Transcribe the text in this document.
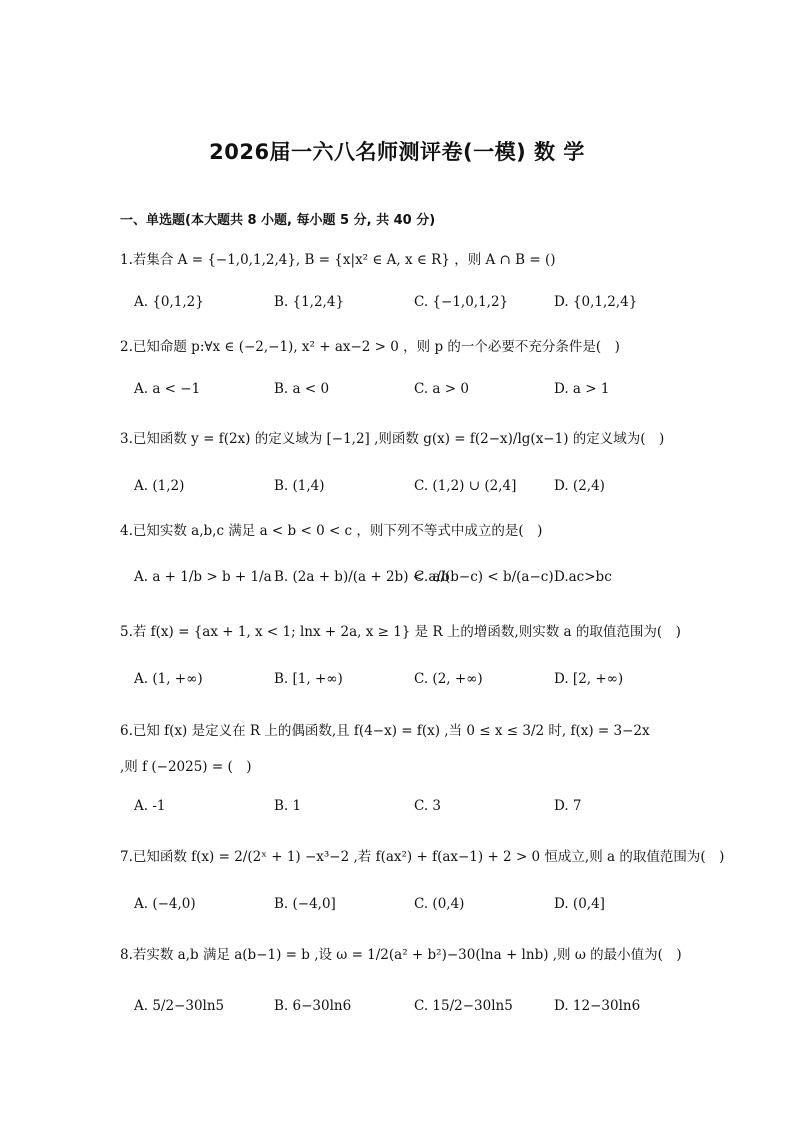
2026届一六八名师测评卷(一模) 数 学
一、单选题(本大题共 8 小题, 每小题 5 分, 共 40 分)
1.若集合 A = {−1,0,1,2,4}, B = {x|x² ∈ A, x ∈ R} ，则 A ∩ B = ()
A. {0,1,2}	B. {1,2,4}	C. {−1,0,1,2}	D. {0,1,2,4}
2.已知命题 p:∀x ∈ (−2,−1), x² + ax−2 > 0 ，则 p 的一个必要不充分条件是(　)
A. a < −1	B. a < 0	C. a > 0	D. a > 1
3.已知函数 y = f(2x) 的定义域为 [−1,2] ,则函数 g(x) = f(2−x)/lg(x−1) 的定义域为(　)
A. (1,2)	B. (1,4)	C. (1,2) ∪ (2,4]	D. (2,4)
4.已知实数 a,b,c 满足 a < b < 0 < c ，则下列不等式中成立的是(　)
A. a + 1/b > b + 1/a B. (2a + b)/(a + 2b) < a/b
C. a/(b−c) < b/(a−c) D.ac>bc
5.若 f(x) = {ax + 1, x < 1; lnx + 2a, x ≥ 1} 是 R 上的增函数,则实数 a 的取值范围为(　)
A. (1, +∞)	B. [1, +∞)	C. (2, +∞)	D. [2, +∞)
6.已知 f(x) 是定义在 R 上的偶函数,且 f(4−x) = f(x) ,当 0 ≤ x ≤ 3/2 时, f(x) = 3−2x ,则 f (−2025) = (　)
A. -1	B. 1	C. 3	D. 7
7.已知函数 f(x) = 2/(2ˣ + 1) −x³−2 ,若 f(ax²) + f(ax−1) + 2 > 0 恒成立,则 a 的取值范围为(　)
A. (−4,0)	B. (−4,0]	C. (0,4)	D. (0,4]
8.若实数 a,b 满足 a(b−1) = b ,设 ω = 1/2(a² + b²)−30(lna + lnb) ,则 ω 的最小值为(　)
A. 5/2−30ln5	B. 6−30ln6	C. 15/2−30ln5	D. 12−30ln6
